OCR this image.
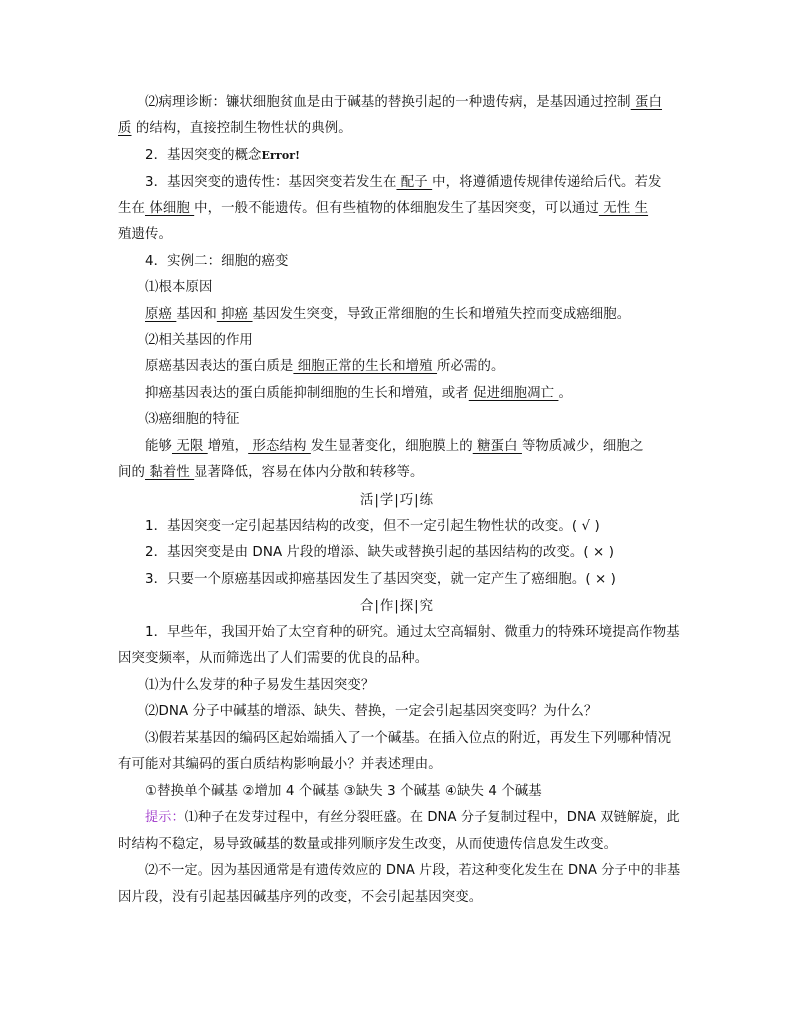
⑵病理诊断：镰状细胞贫血是由于碱基的替换引起的一种遗传病，是基因通过控制 蛋白
质 的结构，直接控制生物性状的典例。
2．基因突变的概念Error!
3．基因突变的遗传性：基因突变若发生在 配子 中，将遵循遗传规律传递给后代。若发
生在 体细胞 中，一般不能遗传。但有些植物的体细胞发生了基因突变，可以通过 无性 生
殖遗传。
4．实例二：细胞的癌变
⑴根本原因
原癌 基因和 抑癌 基因发生突变，导致正常细胞的生长和增殖失控而变成癌细胞。
⑵相关基因的作用
原癌基因表达的蛋白质是 细胞正常的生长和增殖 所必需的。
抑癌基因表达的蛋白质能抑制细胞的生长和增殖，或者 促进细胞凋亡 。
⑶癌细胞的特征
能够 无限 增殖， 形态结构 发生显著变化，细胞膜上的 糖蛋白 等物质减少，细胞之
间的 黏着性 显著降低，容易在体内分散和转移等。
活|学|巧|练
1．基因突变一定引起基因结构的改变，但不一定引起生物性状的改变。( √ )
2．基因突变是由 DNA 片段的增添、缺失或替换引起的基因结构的改变。( × )
3．只要一个原癌基因或抑癌基因发生了基因突变，就一定产生了癌细胞。( × )
合|作|探|究
1．早些年，我国开始了太空育种的研究。通过太空高辐射、微重力的特殊环境提高作物基
因突变频率，从而筛选出了人们需要的优良的品种。
⑴为什么发芽的种子易发生基因突变？
⑵DNA 分子中碱基的增添、缺失、替换，一定会引起基因突变吗？为什么？
⑶假若某基因的编码区起始端插入了一个碱基。在插入位点的附近，再发生下列哪种情况
有可能对其编码的蛋白质结构影响最小？并表述理由。
①替换单个碱基 ②增加 4 个碱基 ③缺失 3 个碱基 ④缺失 4 个碱基
提示：⑴种子在发芽过程中，有丝分裂旺盛。在 DNA 分子复制过程中，DNA 双链解旋，此
时结构不稳定，易导致碱基的数量或排列顺序发生改变，从而使遗传信息发生改变。
⑵不一定。因为基因通常是有遗传效应的 DNA 片段，若这种变化发生在 DNA 分子中的非基
因片段，没有引起基因碱基序列的改变，不会引起基因突变。
